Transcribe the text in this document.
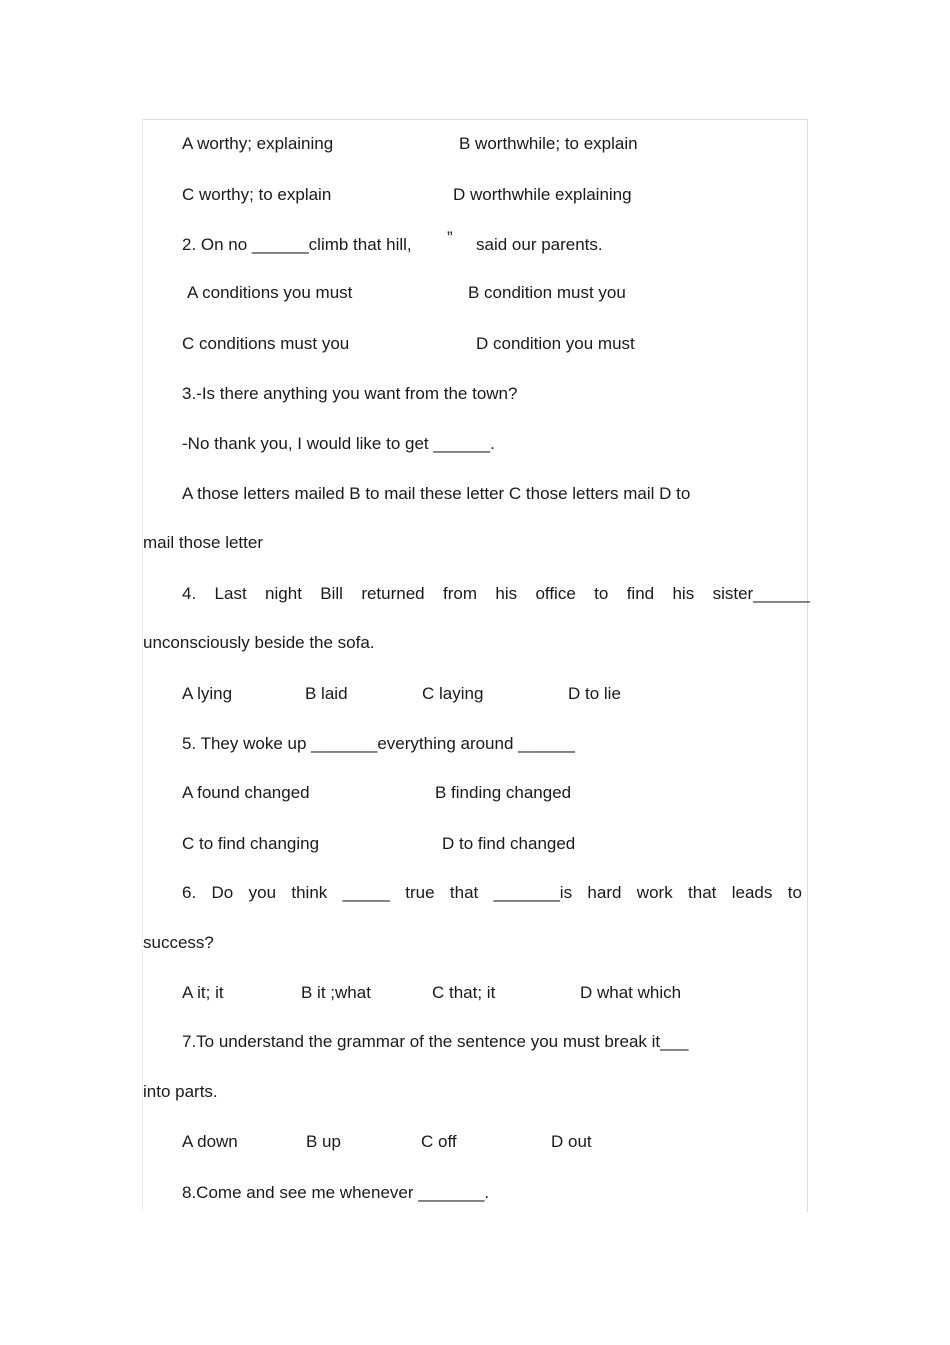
A worthy; explaining	B worthwhile; to explain
C worthy; to explain	D worthwhile explaining
2. On no ______climb that hill, ” said our parents.
A conditions you must	B condition must you
C conditions must you	D condition you must
3.-Is there anything you want from the town?
-No thank you, I would like to get ______.
A those letters mailed B to mail these letter C those letters mail D to
mail those letter
4. Last night Bill returned from his office to find his sister______
unconsciously beside the sofa.
A lying	B laid	C laying	D to lie
5. They woke up _______everything around ______
A found changed	B finding changed
C to find changing	D to find changed
6. Do you think _____ true that _______is hard work that leads to
success?
A it; it	B it ;what	C that; it	D what which
7.To understand the grammar of the sentence you must break it___
into parts.
A down	B up	C off	D out
8.Come and see me whenever _______.
